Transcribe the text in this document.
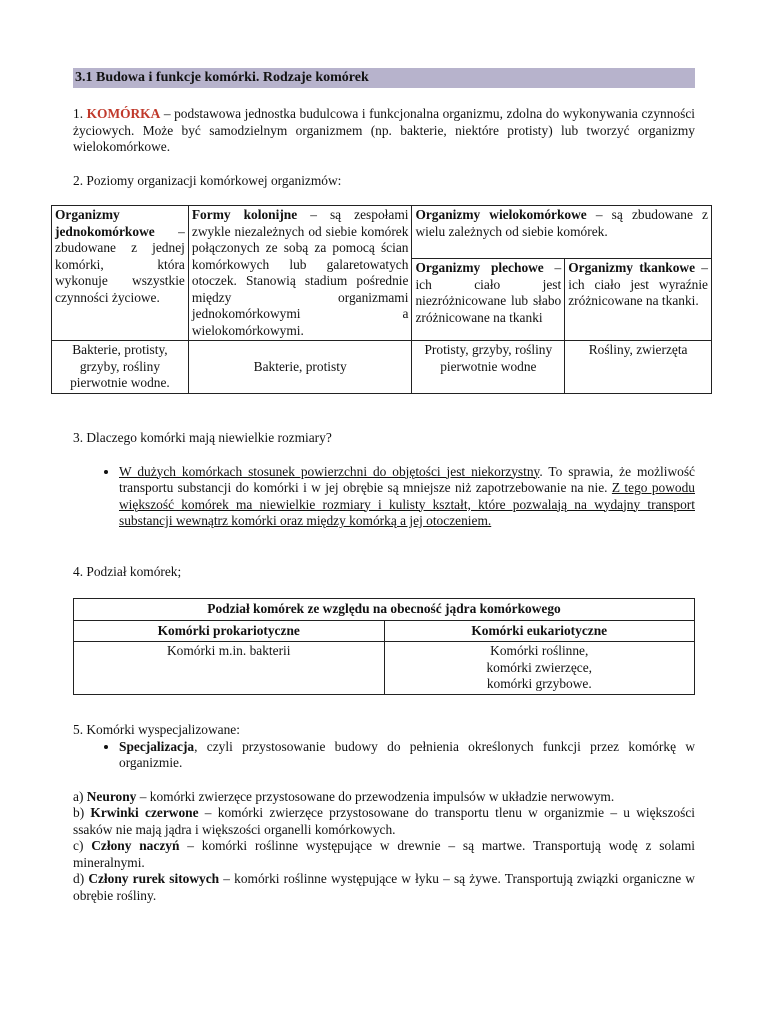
3.1 Budowa i funkcje komórki. Rodzaje komórek

1. KOMÓRKA – podstawowa jednostka budulcowa i funkcjonalna organizmu, zdolna do wykonywania czynności życiowych. Może być samodzielnym organizmem (np. bakterie, niektóre protisty) lub tworzyć organizmy wielokomórkowe.

2. Poziomy organizacji komórkowej organizmów:

Organizmy jednokomórkowe – zbudowane z jednej komórki, która wykonuje wszystkie czynności życiowe.	Formy kolonijne – są zespołami zwykle niezależnych od siebie komórek połączonych ze sobą za pomocą ścian komórkowych lub galaretowatych otoczek. Stanowią stadium pośrednie między organizmami jednokomórkowymi a wielokomórkowymi.	Organizmy wielokomórkowe – są zbudowane z wielu zależnych od siebie komórek.	
		Organizmy plechowe – ich ciało jest niezróżnicowane lub słabo zróżnicowane na tkanki	Organizmy tkankowe – ich ciało jest wyraźnie zróżnicowane na tkanki.
Bakterie, protisty, grzyby, rośliny pierwotnie wodne.	Bakterie, protisty	Protisty, grzyby, rośliny pierwotnie wodne	Rośliny, zwierzęta

3. Dlaczego komórki mają niewielkie rozmiary?

• W dużych komórkach stosunek powierzchni do objętości jest niekorzystny. To sprawia, że możliwość transportu substancji do komórki i w jej obrębie są mniejsze niż zapotrzebowanie na nie. Z tego powodu większość komórek ma niewielkie rozmiary i kulisty kształt, które pozwalają na wydajny transport substancji wewnątrz komórki oraz między komórką a jej otoczeniem.
4. Podział komórek;
Podział komórek ze względu na obecność jądra komórkowego	
Komórki prokariotyczne	Komórki eukariotyczne
Komórki m.in. bakterii	Komórki roślinne,
komórki zwierzęce,
komórki grzybowe.

5. Komórki wyspecjalizowane:

• Specjalizacja, czyli przystosowanie budowy do pełnienia określonych funkcji przez komórkę w organizmie.

a) Neurony – komórki zwierzęce przystosowane do przewodzenia impulsów w układzie nerwowym.

b) Krwinki czerwone – komórki zwierzęce przystosowane do transportu tlenu w organizmie – u większości ssaków nie mają jądra i większości organelli komórkowych.

c) Człony naczyń – komórki roślinne występujące w drewnie – są martwe. Transportują wodę z solami mineralnymi.

d) Człony rurek sitowych – komórki roślinne występujące w łyku – są żywe. Transportują związki organiczne w obrębie rośliny.
